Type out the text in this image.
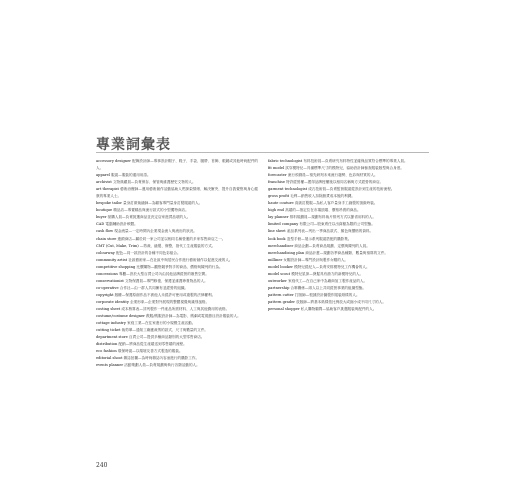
專業詞彙表

accessory designer 配飾設計師—專事設計帽子、鞋子、手袋、腰帶、首飾、眼鏡或其他時尚配件的人。

apparel 服裝—服裝的通用用語。

archivist 文物典藏員—負責保存、保管與維護歷史文物的人。

art therapist 藝術治療師—運用藝術創作活動協助人們探索情緒、解決衝突、提升自我覺察與身心健康的專業人士。

bespoke tailor 量身訂做裁縫師—為顧客專門量身訂製服裝的人。

boutique 精品店—專賣精品與流行款式的小型獨特商店。

buyer 採購人員—負責挑選商品並決定店家進貨品項的人。

CAD 電腦輔助設計軟體。

cash flow 現金流量—一定時間內企業現金流入與流出的狀況。

chain store 連鎖商店—屬於同一家公司並以相同名稱營運的多家零售商店之一。

CMT (Cut, Make, Trim) —剪裁、縫製、修整，指代工生產服裝的方式。

colourway 配色—同一款設計的各種不同色彩組合。

community artist 社區藝術家—在社區中與居民合作進行藝術創作以促進交流的人。

competitive shopping 比價購物—觀察競爭對手的商品、價格與陳列的行為。

concessions 專櫃—設於大型百貨公司內由其他品牌經營的販售空間。

conservationist 文物保護員—專門修復、保護並維護珍貴物品的人。

co-operative 合作社—由一群人共同擁有並經營的組織。

copyright 版權—保護原創作品不被他人未經許可使用或複製的法律權利。

corporate identity 企業形象—企業對外展現的整體視覺與識別風格。

costing sheet 成本核算表—詳列製作一件產品所需材料、人工與其他費用的表格。

costume/costume designer 戲服/戲服設計師—為電影、戲劇或電視節目設計服裝的人。

cottage industry 家庭工業—在住家進行的小規模生產活動。

cutting ticket 裁剪單—通知工廠應裁剪的款式、尺寸與數量的文件。

department store 百貨公司—提供多種商品類別的大型零售商店。

distribution 配銷—將商品從生產端送到零售端的流程。

eco fashion 環保時裝—以環境友善方式製造的服裝。

editorial shoot 雜誌拍攝—為時尚雜誌內容而進行的攝影工作。

events planner 活動策劃人員—負責規劃與執行各類活動的人。

fabric technologist 布料技術員—負責研究布料特性並確保品質符合標準的專業人員。

fit model 試穿模特兒—具備標準尺寸的模特兒，協助設計師檢查服裝版型與合身度。

forecaster 流行預測員—預先研判未來流行趨勢、色彩與材質的人。

franchise 特許經營權—獲得品牌授權後以相同名稱與方式經營的商店。

garment technologist 成衣技術員—負責監督服裝從設計到生產的技術流程。

gross profit 毛利—銷售收入扣除銷貨成本後的利潤。

haute couture 高級訂製服—為私人客戶量身手工縫製的頂級時裝。

high end 高端的—指定位在市場頂端、價格昂貴的商品。

lay planner 排料規劃員—規劃布料裁片排列方式以節省用料的人。

limited company 有限公司—股東責任以出資額為限的公司型態。

line sheet 產品系列表—列出一季商品款式、顏色與價格的資料。

look book 造型手冊—展示系列服裝搭配的攝影集。

merchandiser 商品企劃—負責商品規劃、定價與陳列的人員。

merchandising plan 商品計畫—規劃各季商品種類、數量與預算的文件。

milliner 女帽設計師—專門設計與製作女帽的人。

model booker 模特兒經紀人—負責安排模特兒工作機會的人。

model scout 模特兒星探—發掘具有潛力的新模特兒的人。

outworker 家庭代工—在自己家中為廠商加工製作產品的人。

partnership 合夥關係—兩人以上共同經營事業的組織型態。

pattern cutter 打版師—根據設計圖製作服裝紙樣的人。

pattern grader 放版師—將基本紙樣依比例放大或縮小成不同尺寸的人。

personal shopper 私人購物顧問—協助客戶挑選服裝與配件的人。

240
